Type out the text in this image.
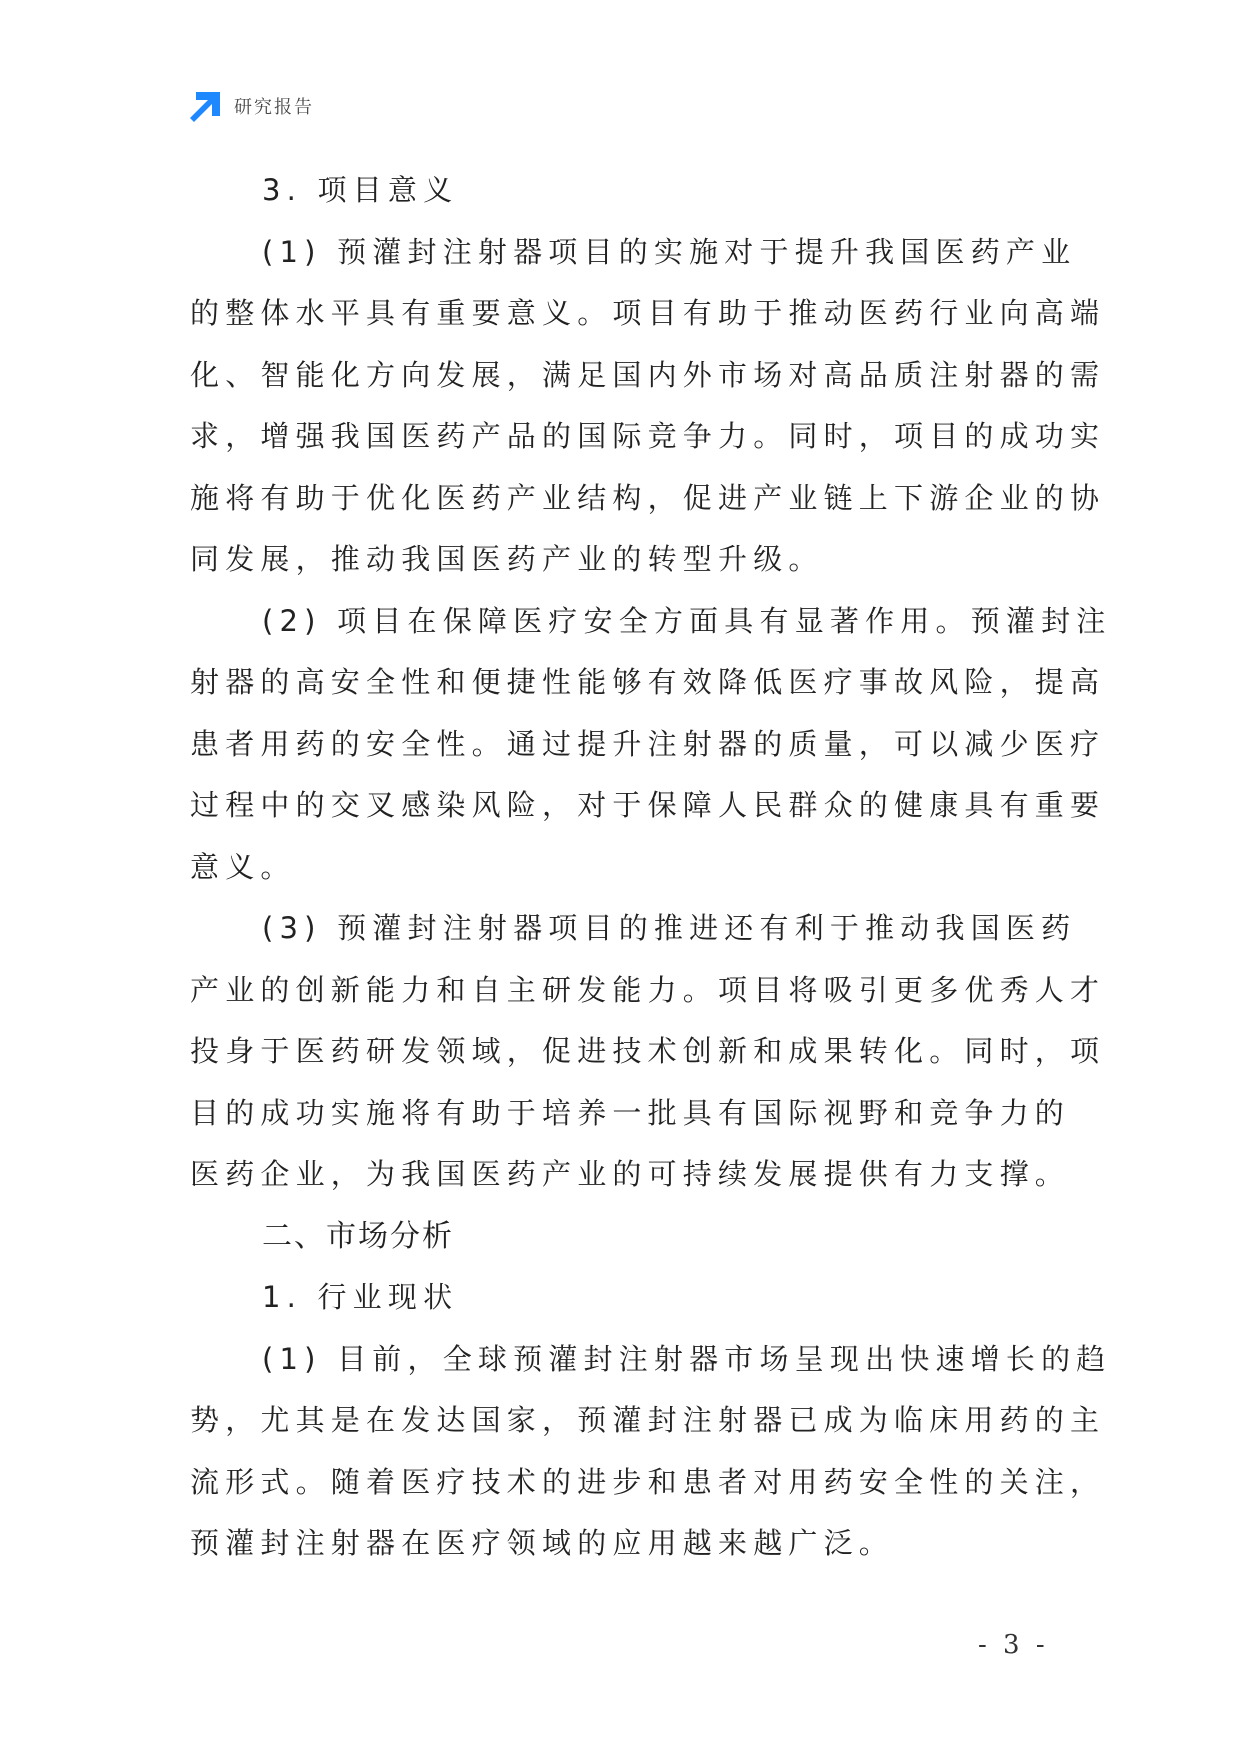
研究报告
3. 项目意义
(1) 预灌封注射器项目的实施对于提升我国医药产业
的整体水平具有重要意义。项目有助于推动医药行业向高端
化、智能化方向发展，满足国内外市场对高品质注射器的需
求，增强我国医药产品的国际竞争力。同时，项目的成功实
施将有助于优化医药产业结构，促进产业链上下游企业的协
同发展，推动我国医药产业的转型升级。
(2) 项目在保障医疗安全方面具有显著作用。预灌封注
射器的高安全性和便捷性能够有效降低医疗事故风险，提高
患者用药的安全性。通过提升注射器的质量，可以减少医疗
过程中的交叉感染风险，对于保障人民群众的健康具有重要
意义。
(3) 预灌封注射器项目的推进还有利于推动我国医药
产业的创新能力和自主研发能力。项目将吸引更多优秀人才
投身于医药研发领域，促进技术创新和成果转化。同时，项
目的成功实施将有助于培养一批具有国际视野和竞争力的
医药企业，为我国医药产业的可持续发展提供有力支撑。
二、市场分析
1. 行业现状
(1) 目前，全球预灌封注射器市场呈现出快速增长的趋
势，尤其是在发达国家，预灌封注射器已成为临床用药的主
流形式。随着医疗技术的进步和患者对用药安全性的关注，
预灌封注射器在医疗领域的应用越来越广泛。
- 3 -
